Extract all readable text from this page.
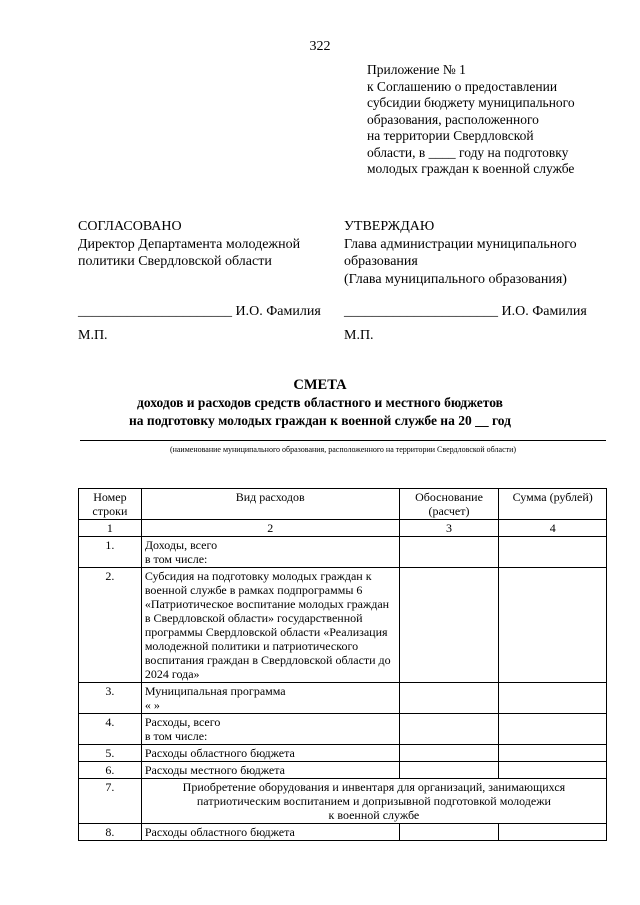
322
Приложение № 1
к Соглашению о предоставлении
субсидии бюджету муниципального
образования, расположенного
на территории Свердловской
области, в ____ году на подготовку
молодых граждан к военной службе
СОГЛАСОВАНО
Директор Департамента молодежной
политики Свердловской области
УТВЕРЖДАЮ
Глава администрации муниципального
образования
(Глава муниципального образования)
______________________ И.О. Фамилия ______________________ И.О. Фамилия
М.П.	М.П.
СМЕТА
доходов и расходов средств областного и местного бюджетов
на подготовку молодых граждан к военной службе на 20 __ год
(наименование муниципального образования, расположенного на территории Свердловской области)
Номер строки	Вид расходов	Обоснование (расчет)	Сумма (рублей)
1	2	3	4
1.	Доходы, всего
в том числе:		
2.	Субсидия на подготовку молодых граждан к военной службе в рамках подпрограммы 6 «Патриотическое воспитание молодых граждан в Свердловской области» государственной программы Свердловской области «Реализация молодежной политики и патриотического воспитания граждан в Свердловской области до 2024 года»		
3.	Муниципальная программа
« »		
4.	Расходы, всего
в том числе:		
5.	Расходы областного бюджета		
6.	Расходы местного бюджета		
7.	Приобретение оборудования и инвентаря для организаций, занимающихся патриотическим воспитанием и допризывной подготовкой молодежи
к военной службе		
8.	Расходы областного бюджета		
